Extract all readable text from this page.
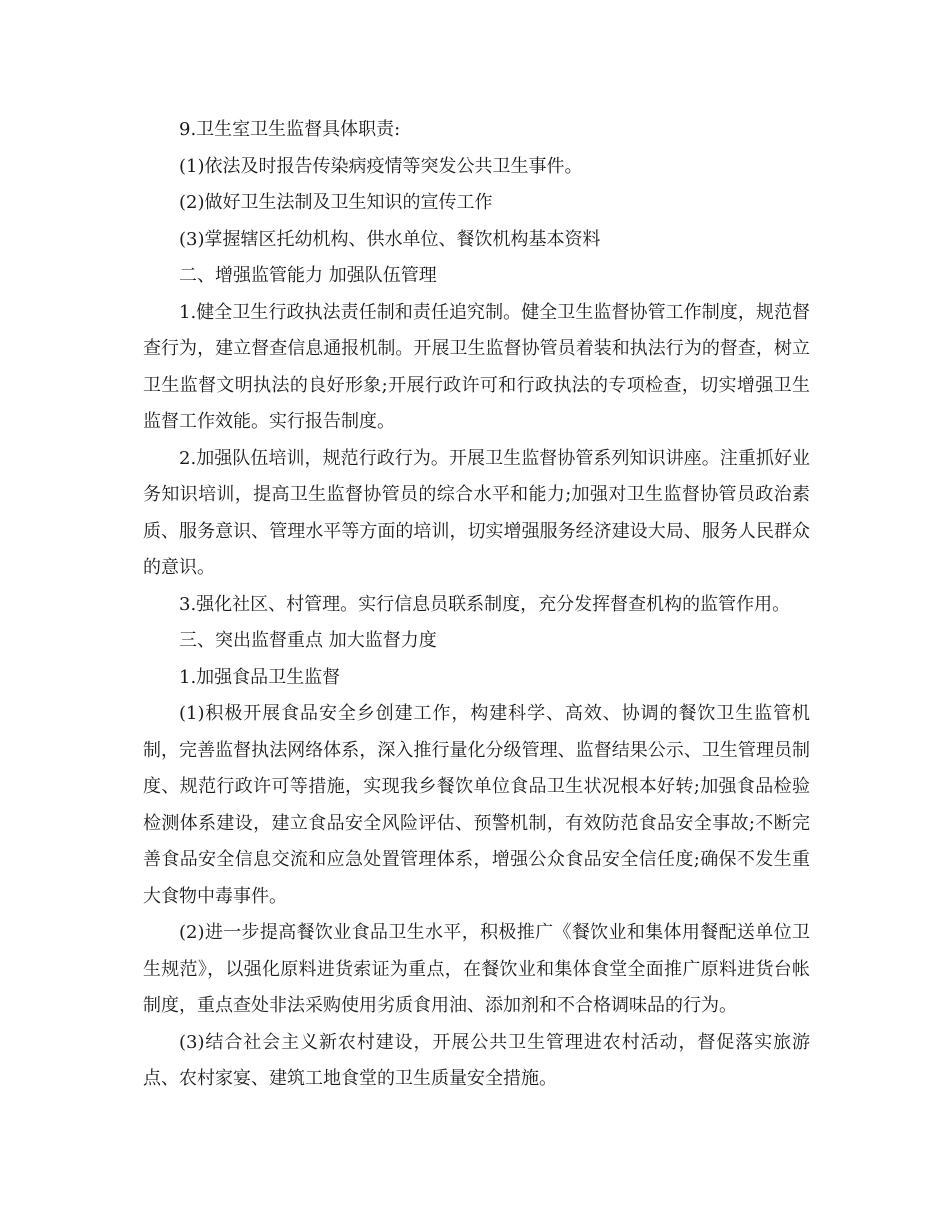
9.卫生室卫生监督具体职责:

(1)依法及时报告传染病疫情等突发公共卫生事件。

(2)做好卫生法制及卫生知识的宣传工作

(3)掌握辖区托幼机构、供水单位、餐饮机构基本资料

二、增强监管能力 加强队伍管理

1.健全卫生行政执法责任制和责任追究制。健全卫生监督协管工作制度，规范督查行为，建立督查信息通报机制。开展卫生监督协管员着装和执法行为的督查，树立卫生监督文明执法的良好形象;开展行政许可和行政执法的专项检查，切实增强卫生监督工作效能。实行报告制度。

2.加强队伍培训，规范行政行为。开展卫生监督协管系列知识讲座。注重抓好业务知识培训，提高卫生监督协管员的综合水平和能力;加强对卫生监督协管员政治素质、服务意识、管理水平等方面的培训，切实增强服务经济建设大局、服务人民群众的意识。

3.强化社区、村管理。实行信息员联系制度，充分发挥督查机构的监管作用。

三、突出监督重点 加大监督力度

1.加强食品卫生监督

(1)积极开展食品安全乡创建工作，构建科学、高效、协调的餐饮卫生监管机制，完善监督执法网络体系，深入推行量化分级管理、监督结果公示、卫生管理员制度、规范行政许可等措施，实现我乡餐饮单位食品卫生状况根本好转;加强食品检验检测体系建设，建立食品安全风险评估、预警机制，有效防范食品安全事故;不断完善食品安全信息交流和应急处置管理体系，增强公众食品安全信任度;确保不发生重大食物中毒事件。

(2)进一步提高餐饮业食品卫生水平，积极推广《餐饮业和集体用餐配送单位卫生规范》，以强化原料进货索证为重点，在餐饮业和集体食堂全面推广原料进货台帐制度，重点查处非法采购使用劣质食用油、添加剂和不合格调味品的行为。

(3)结合社会主义新农村建设，开展公共卫生管理进农村活动，督促落实旅游点、农村家宴、建筑工地食堂的卫生质量安全措施。
